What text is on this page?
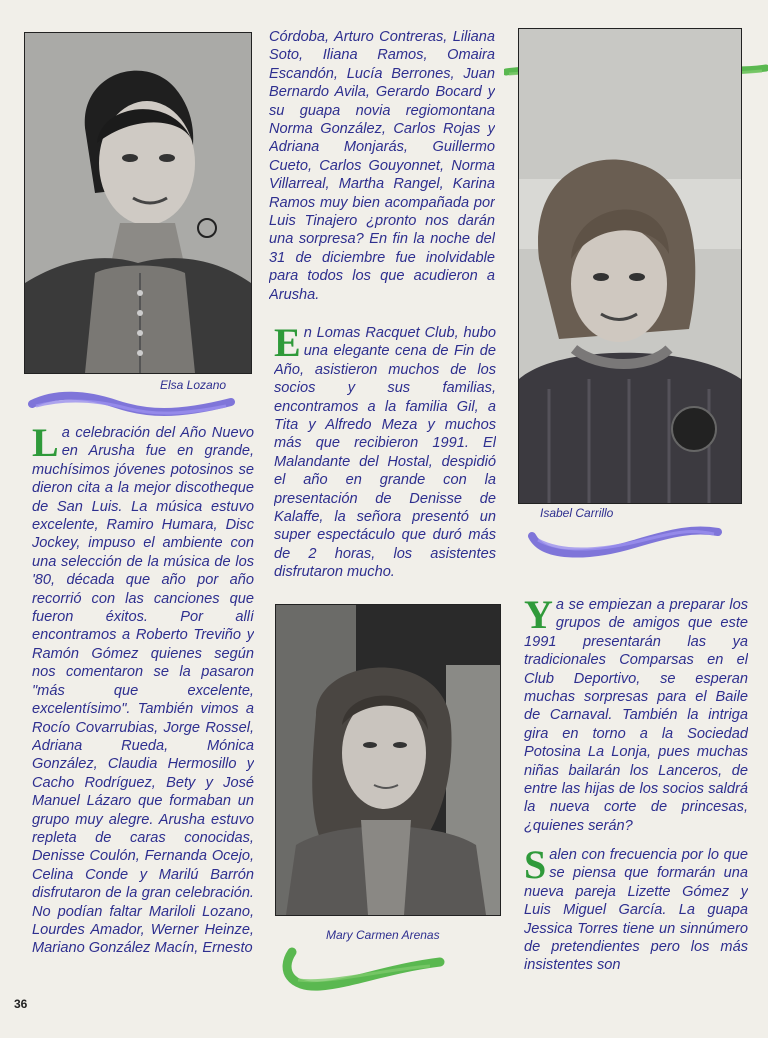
Elsa Lozano

La celebración del Año Nuevo en Arusha fue en grande, muchísimos jóvenes potosinos se dieron cita a la mejor discotheque de San Luis. La música estuvo excelente, Ramiro Humara, Disc Jockey, impuso el ambiente con una selección de la música de los '80, década que año por año recorrió con las canciones que fueron éxitos. Por allí encontramos a Roberto Treviño y Ramón Gómez quienes según nos comentaron se la pasaron "más que excelente, excelentísimo". También vimos a Rocío Covarrubias, Jorge Rossel, Adriana Rueda, Mónica González, Claudia Hermosillo y Cacho Rodríguez, Bety y José Manuel Lázaro que formaban un grupo muy alegre. Arusha estuvo repleta de caras conocidas, Denisse Coulón, Fernanda Ocejo, Celina Conde y Marilú Barrón disfrutaron de la gran celebración. No podían faltar Mariloli Lozano, Lourdes Amador, Werner Heinze, Mariano González Macín, Ernesto

Córdoba, Arturo Contreras, Liliana Soto, Iliana Ramos, Omaira Escandón, Lucía Berrones, Juan Bernardo Avila, Gerardo Bocard y su guapa novia regiomontana Norma González, Carlos Rojas y Adriana Monjarás, Guillermo Cueto, Carlos Gouyonnet, Norma Villarreal, Martha Rangel, Karina Ramos muy bien acompañada por Luis Tinajero ¿pronto nos darán una sorpresa? En fin la noche del 31 de diciembre fue inolvidable para todos los que acudieron a Arusha.

En Lomas Racquet Club, hubo una elegante cena de Fin de Año, asistieron muchos de los socios y sus familias, encontramos a la familia Gil, a Tita y Alfredo Meza y muchos más que recibieron 1991. El Malandante del Hostal, despidió el año en grande con la presentación de Denisse de Kalaffe, la señora presentó un super espectáculo que duró más de 2 horas, los asistentes disfrutaron mucho.

Mary Carmen Arenas
Isabel Carrillo

Ya se empiezan a preparar los grupos de amigos que este 1991 presentarán las ya tradicionales Comparsas en el Club Deportivo, se esperan muchas sorpresas para el Baile de Carnaval. También la intriga gira en torno a la Sociedad Potosina La Lonja, pues muchas niñas bailarán los Lanceros, de entre las hijas de los socios saldrá la nueva corte de princesas, ¿quienes serán?

Salen con frecuencia por lo que se piensa que formarán una nueva pareja Lizette Gómez y Luis Miguel García. La guapa Jessica Torres tiene un sinnúmero de pretendientes pero los más insistentes son

36
